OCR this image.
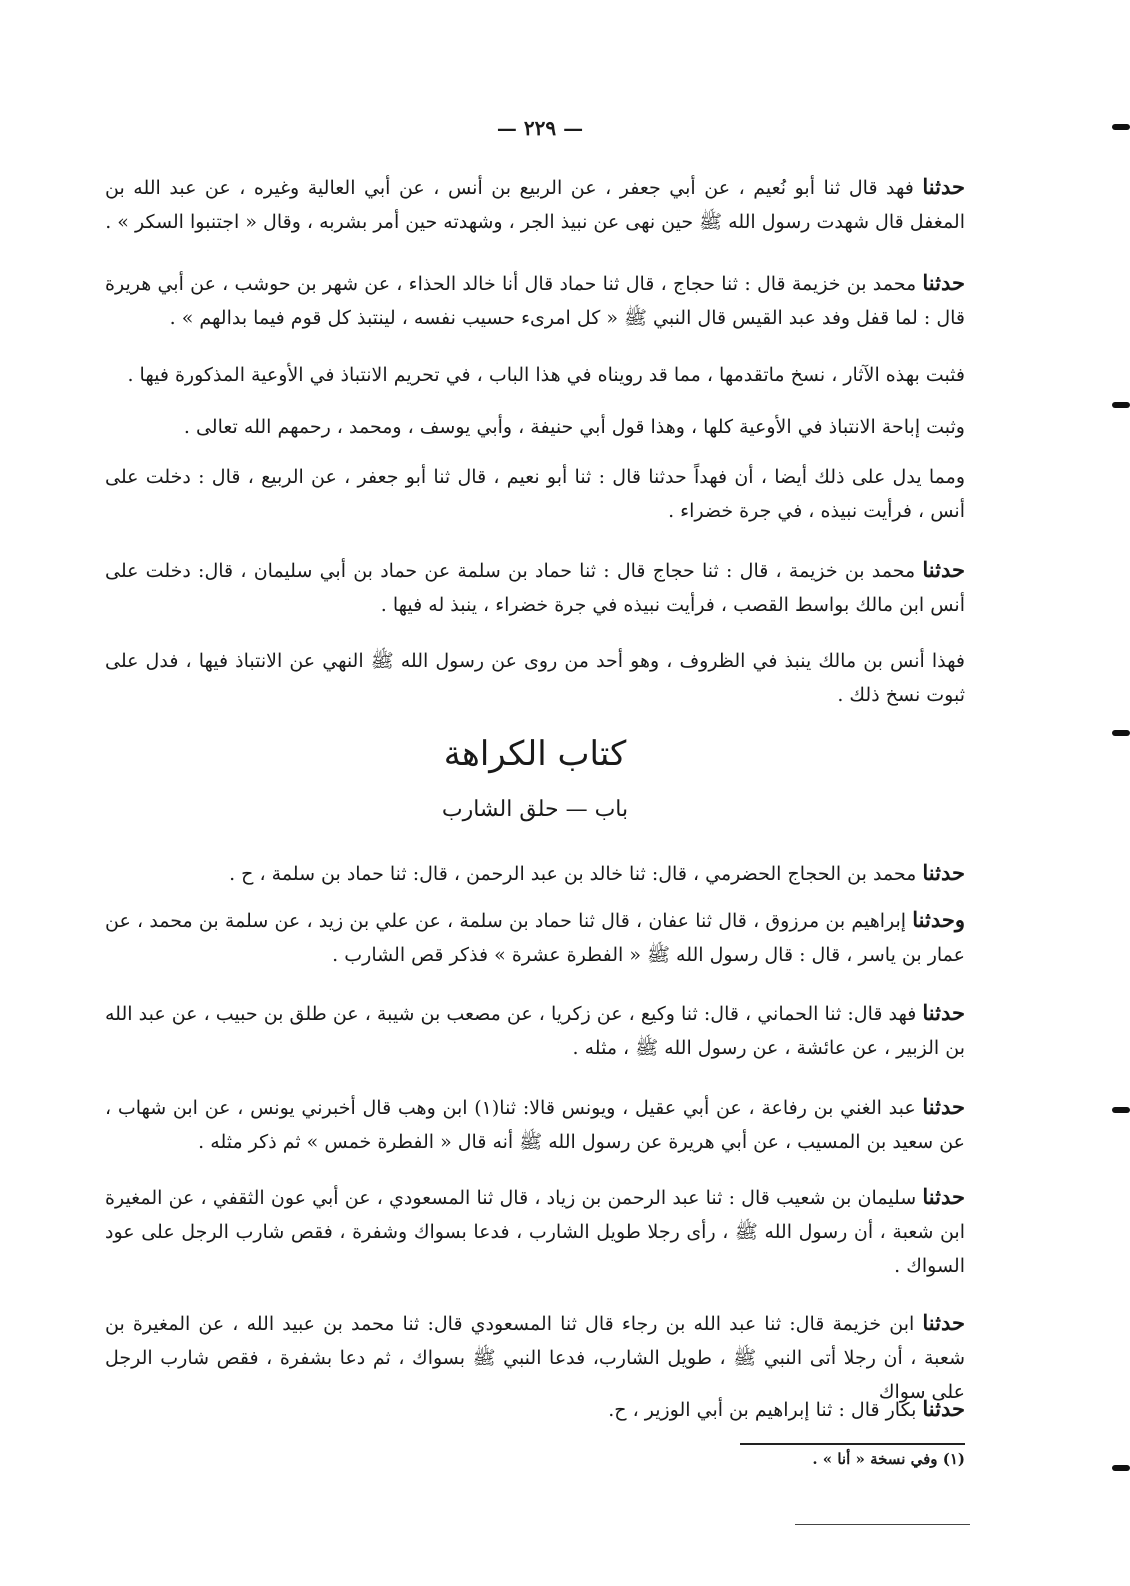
— ٢٢٩ —
حدثنا فهد قال ثنا أبو نُعيم ، عن أبي جعفر ، عن الربيع بن أنس ، عن أبي العالية وغيره ، عن عبد الله بن المغفل قال شهدت رسول الله ﷺ حين نهى عن نبيذ الجر ، وشهدته حين أمر بشربه ، وقال « اجتنبوا السكر » .
حدثنا محمد بن خزيمة قال : ثنا حجاج ، قال ثنا حماد قال أنا خالد الحذاء ، عن شهر بن حوشب ، عن أبي هريرة قال : لما قفل وفد عبد القيس قال النبي ﷺ « كل امرىء حسيب نفسه ، لينتبذ كل قوم فيما بدالهم » .
فثبت بهذه الآثار ، نسخ ماتقدمها ، مما قد رويناه في هذا الباب ، في تحريم الانتباذ في الأوعية المذكورة فيها .
وثبت إباحة الانتباذ في الأوعية كلها ، وهذا قول أبي حنيفة ، وأبي يوسف ، ومحمد ، رحمهم الله تعالى .
ومما يدل على ذلك أيضا ، أن فهداً حدثنا قال : ثنا أبو نعيم ، قال ثنا أبو جعفر ، عن الربيع ، قال : دخلت على أنس ، فرأيت نبيذه ، في جرة خضراء .
حدثنا محمد بن خزيمة ، قال : ثنا حجاج قال : ثنا حماد بن سلمة عن حماد بن أبي سليمان ، قال: دخلت على أنس ابن مالك بواسط القصب ، فرأيت نبيذه في جرة خضراء ، ينبذ له فيها .
فهذا أنس بن مالك ينبذ في الظروف ، وهو أحد من روى عن رسول الله ﷺ النهي عن الانتباذ فيها ، فدل على ثبوت نسخ ذلك .
كتاب الكراهة
باب — حلق الشارب
حدثنا محمد بن الحجاج الحضرمي ، قال: ثنا خالد بن عبد الرحمن ، قال: ثنا حماد بن سلمة ، ح .
وحدثنا إبراهيم بن مرزوق ، قال ثنا عفان ، قال ثنا حماد بن سلمة ، عن علي بن زيد ، عن سلمة بن محمد ، عن عمار بن ياسر ، قال : قال رسول الله ﷺ « الفطرة عشرة » فذكر قص الشارب .
حدثنا فهد قال: ثنا الحماني ، قال: ثنا وكيع ، عن زكريا ، عن مصعب بن شيبة ، عن طلق بن حبيب ، عن عبد الله بن الزبير ، عن عائشة ، عن رسول الله ﷺ ، مثله .
حدثنا عبد الغني بن رفاعة ، عن أبي عقيل ، ويونس قالا: ثنا(١) ابن وهب قال أخبرني يونس ، عن ابن شهاب ، عن سعيد بن المسيب ، عن أبي هريرة عن رسول الله ﷺ أنه قال « الفطرة خمس » ثم ذكر مثله .
حدثنا سليمان بن شعيب قال : ثنا عبد الرحمن بن زياد ، قال ثنا المسعودي ، عن أبي عون الثقفي ، عن المغيرة ابن شعبة ، أن رسول الله ﷺ ، رأى رجلا طويل الشارب ، فدعا بسواك وشفرة ، فقص شارب الرجل على عود السواك .
حدثنا ابن خزيمة قال: ثنا عبد الله بن رجاء قال ثنا المسعودي قال: ثنا محمد بن عبيد الله ، عن المغيرة بن شعبة ، أن رجلا أتى النبي ﷺ ، طويل الشارب، فدعا النبي ﷺ بسواك ، ثم دعا بشفرة ، فقص شارب الرجل على سواك
حدثنا بكار قال : ثنا إبراهيم بن أبي الوزير ، ح.
(١) وفي نسخة « أنا » .
